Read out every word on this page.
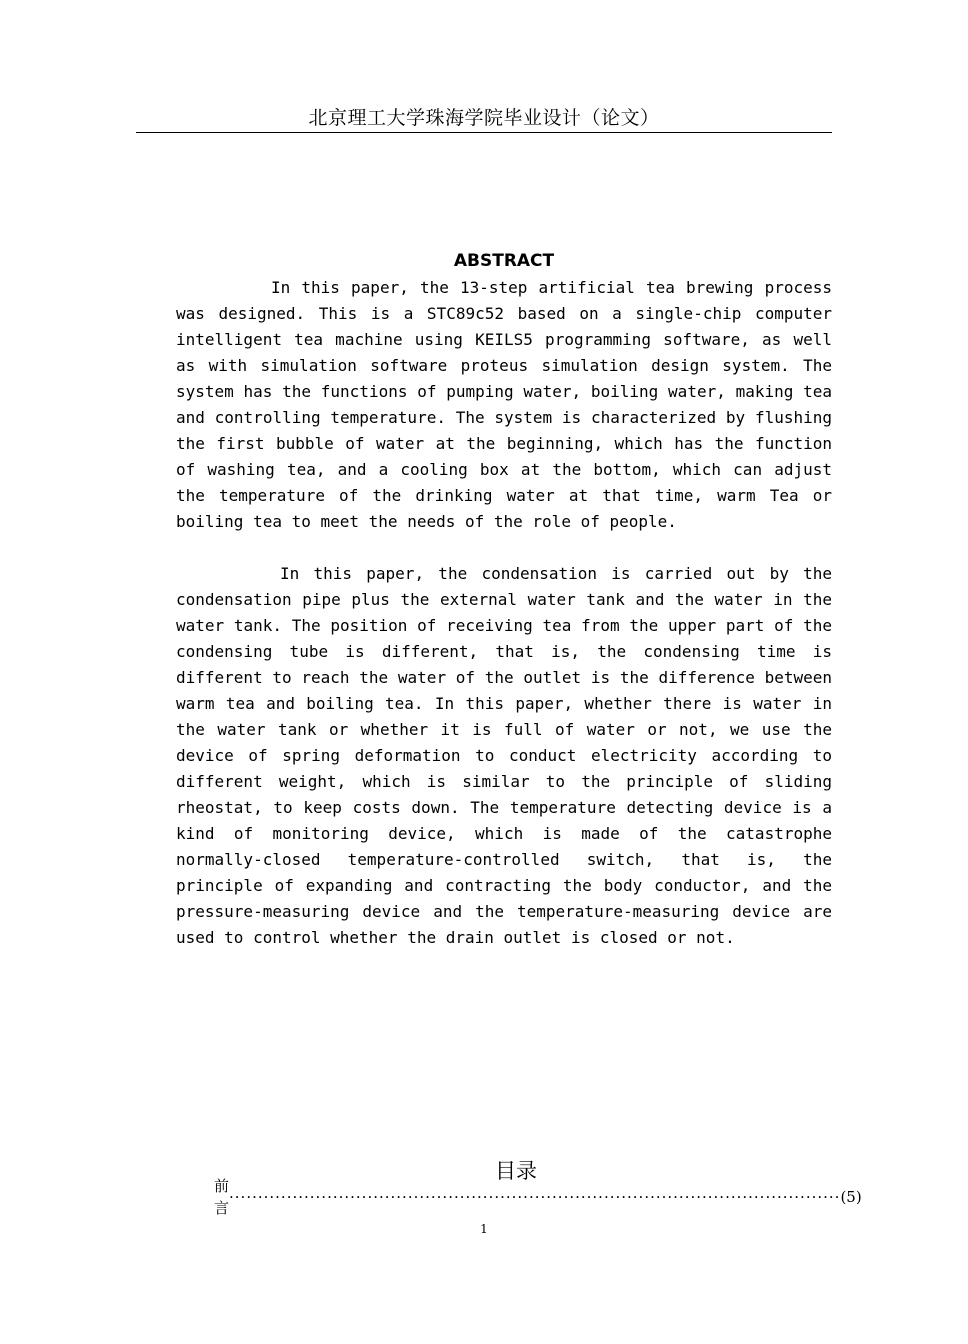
北京理工大学珠海学院毕业设计（论文）
ABSTRACT
In this paper, the 13-step artificial tea brewing process
was designed. This is a STC89c52 based on a single-chip computer
intelligent tea machine using KEILS5 programming software, as well
as with simulation software proteus simulation design system. The
system has the functions of pumping water, boiling water, making tea
and controlling temperature. The system is characterized by flushing
the first bubble of water at the beginning, which has the function
of washing tea, and a cooling box at the bottom, which can adjust
the temperature of the drinking water at that time, warm Tea or
boiling tea to meet the needs of the role of people.
In this paper, the condensation is carried out by the
condensation pipe plus the external water tank and the water in the
water tank. The position of receiving tea from the upper part of the
condensing tube is different, that is, the condensing time is
different to reach the water of the outlet is the difference between
warm tea and boiling tea. In this paper, whether there is water in
the water tank or whether it is full of water or not, we use the
device of spring deformation to conduct electricity according to
different weight, which is similar to the principle of sliding
rheostat, to keep costs down. The temperature detecting device is a
kind of monitoring device, which is made of the catastrophe
normally-closed temperature-controlled switch, that is, the
principle of expanding and contracting the body conductor, and the
pressure-measuring device and the temperature-measuring device are
used to control whether the drain outlet is closed or not.
目录
前言
·········································································································· (5)
1
